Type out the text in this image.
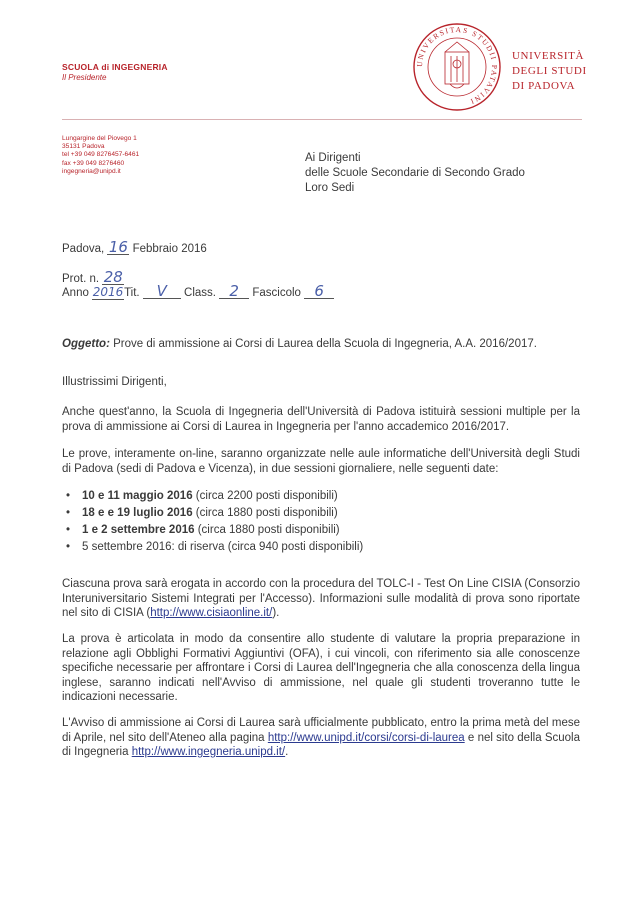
SCUOLA di INGEGNERIA
Il Presidente
UNIVERSITAS STUDII PATAVINI
UNIVERSITÀ
DEGLI STUDI
DI PADOVA
Lungargine del Piovego 1
35131 Padova
tel +39 049 8276457-6461
fax +39 049 8276460
ingegneria@unipd.it
Ai Dirigenti
delle Scuole Secondarie di Secondo Grado
Loro Sedi
Padova, 16 Febbraio 2016
Prot. n. 28
Anno 2016Tit. V Class. 2 Fascicolo 6
Oggetto: Prove di ammissione ai Corsi di Laurea della Scuola di Ingegneria, A.A. 2016/2017.
Illustrissimi Dirigenti,
Anche quest'anno, la Scuola di Ingegneria dell'Università di Padova istituirà sessioni multiple per la prova di ammissione ai Corsi di Laurea in Ingegneria per l'anno accademico 2016/2017.
Le prove, interamente on-line, saranno organizzate nelle aule informatiche dell'Università degli Studi di Padova (sedi di Padova e Vicenza), in due sessioni giornaliere, nelle seguenti date:
• 10 e 11 maggio 2016 (circa 2200 posti disponibili)
• 18 e e 19 luglio 2016 (circa 1880 posti disponibili)
• 1 e 2 settembre 2016 (circa 1880 posti disponibili)
• 5 settembre 2016: di riserva (circa 940 posti disponibili)
Ciascuna prova sarà erogata in accordo con la procedura del TOLC-I - Test On Line CISIA (Consorzio Interuniversitario Sistemi Integrati per l'Accesso). Informazioni sulle modalità di prova sono riportate nel sito di CISIA (http://www.cisiaonline.it/).
La prova è articolata in modo da consentire allo studente di valutare la propria preparazione in relazione agli Obblighi Formativi Aggiuntivi (OFA), i cui vincoli, con riferimento sia alle conoscenze specifiche necessarie per affrontare i Corsi di Laurea dell'Ingegneria che alla conoscenza della lingua inglese, saranno indicati nell'Avviso di ammissione, nel quale gli studenti troveranno tutte le indicazioni necessarie.
L'Avviso di ammissione ai Corsi di Laurea sarà ufficialmente pubblicato, entro la prima metà del mese di Aprile, nel sito dell'Ateneo alla pagina http://www.unipd.it/corsi/corsi-di-laurea e nel sito della Scuola di Ingegneria http://www.ingegneria.unipd.it/.
